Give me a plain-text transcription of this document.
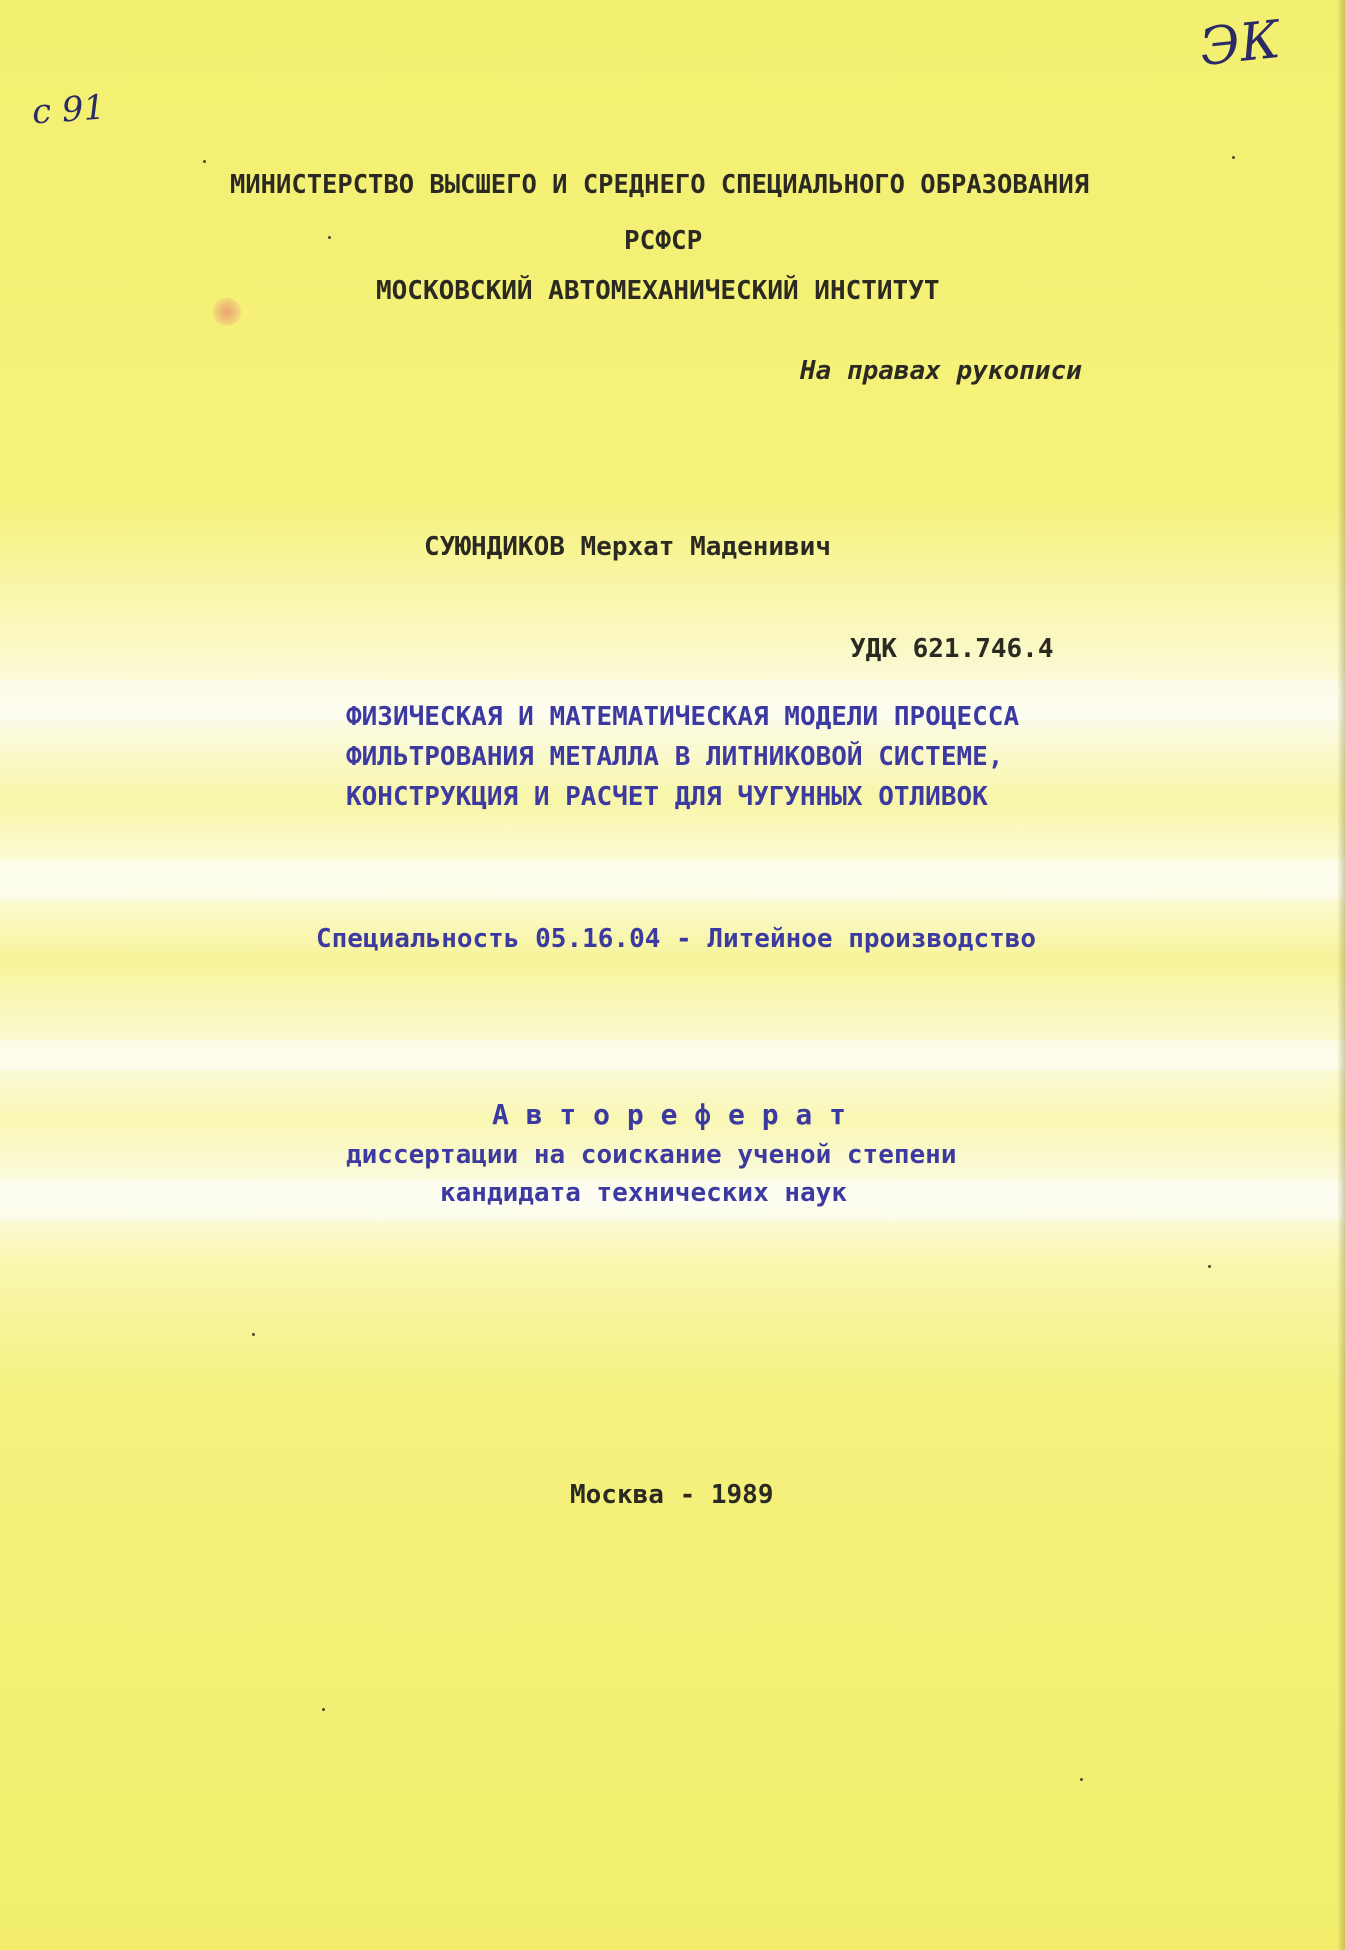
с 91
ЭК
МИНИСТЕРСТВО ВЫСШЕГО И СРЕДНЕГО СПЕЦИАЛЬНОГО ОБРАЗОВАНИЯ
РСФСР
МОСКОВСКИЙ АВТОМЕХАНИЧЕСКИЙ ИНСТИТУТ
На правах рукописи
СУЮНДИКОВ Мерхат Маденивич
УДК 621.746.4
ФИЗИЧЕСКАЯ И МАТЕМАТИЧЕСКАЯ МОДЕЛИ ПРОЦЕССА
ФИЛЬТРОВАНИЯ МЕТАЛЛА В ЛИТНИКОВОЙ СИСТЕМЕ,
КОНСТРУКЦИЯ И РАСЧЕТ ДЛЯ ЧУГУННЫХ ОТЛИВОК
Специальность 05.16.04 - Литейное производство
А в т о р е ф е р а т
диссертации на соискание ученой степени
кандидата технических наук
Москва - 1989
